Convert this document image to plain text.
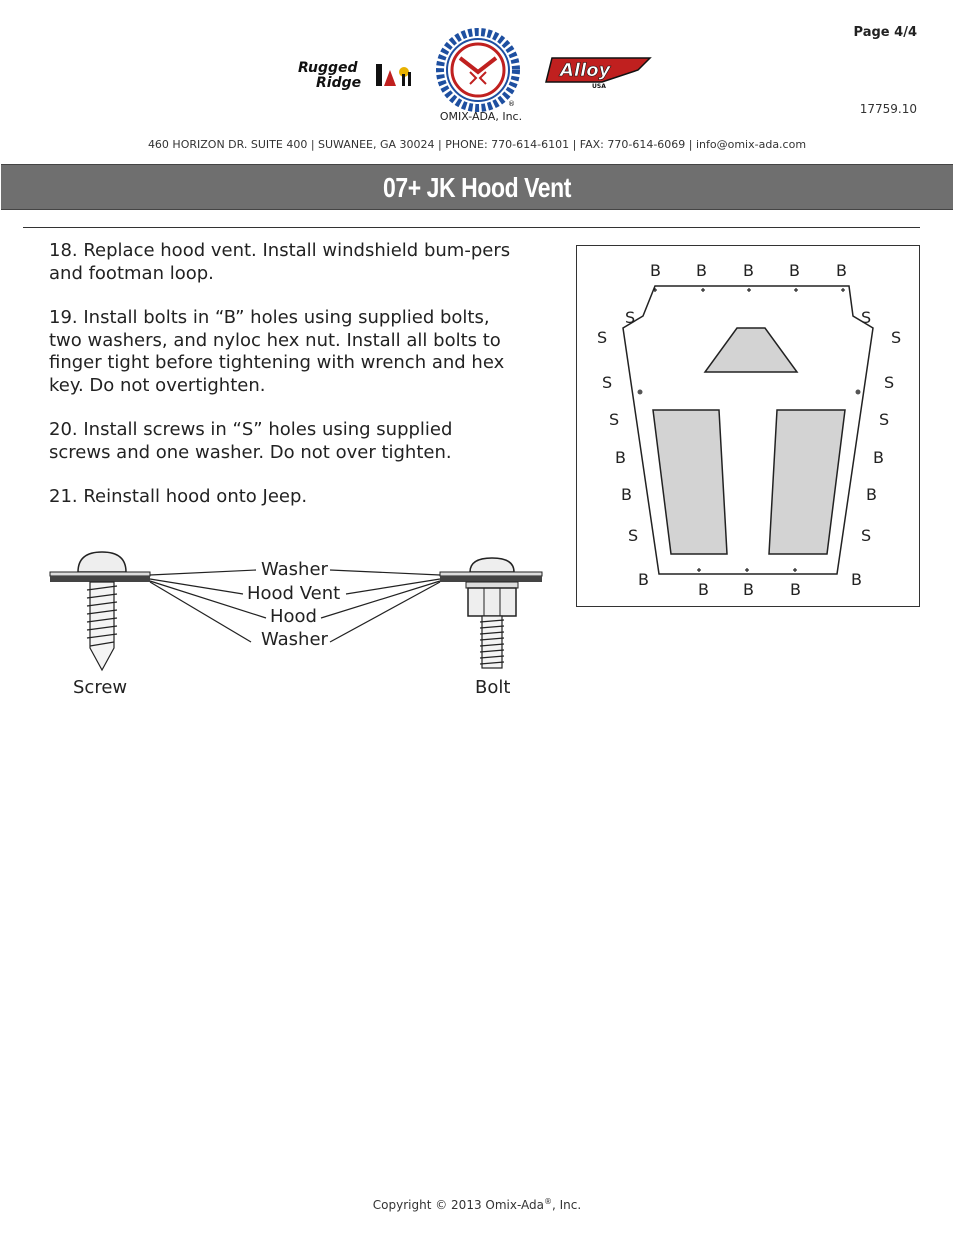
Page 4/4
17759.10
Rugged
Ridge
®
OMIX-ADA, Inc.
Alloy
USA
460 HORIZON DR. SUITE 400 | SUWANEE, GA 30024 | PHONE: 770-614-6101 | FAX: 770-614-6069 | info@omix-ada.com
07+ JK Hood Vent

18. Replace hood vent. Install windshield bum-pers and footman loop.

19. Install bolts in “B” holes using supplied bolts, two washers, and nyloc hex nut. Install all bolts to finger tight before tightening with wrench and hex key. Do not overtighten.

20. Install screws in “S” holes using supplied screws and one washer. Do not over tighten.

21. Reinstall hood onto Jeep.

B B B B B
S	S
S	S
S	S
S	S
B	B
B	B
S	S
B
B B B
B
Washer
Hood Vent
Hood
Washer
Screw	Bolt
Copyright © 2013 Omix-Ada®, Inc.
